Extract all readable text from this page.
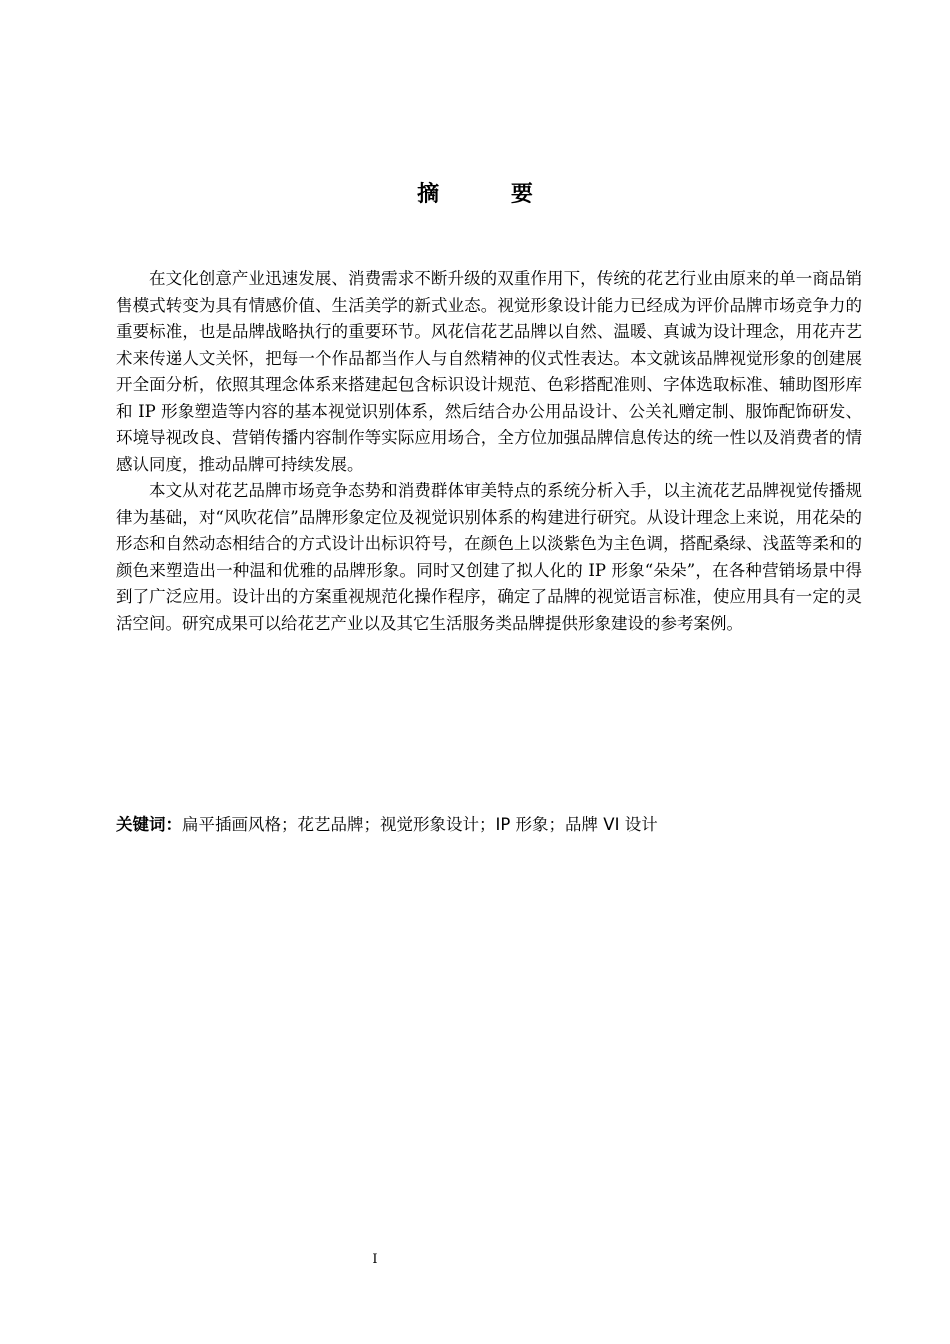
摘 要

在文化创意产业迅速发展、消费需求不断升级的双重作用下，传统的花艺行业由原来的单一商品销售模式转变为具有情感价值、生活美学的新式业态。视觉形象设计能力已经成为评价品牌市场竞争力的重要标准，也是品牌战略执行的重要环节。风花信花艺品牌以自然、温暖、真诚为设计理念，用花卉艺术来传递人文关怀，把每一个作品都当作人与自然精神的仪式性表达。本文就该品牌视觉形象的创建展开全面分析，依照其理念体系来搭建起包含标识设计规范、色彩搭配准则、字体选取标准、辅助图形库和 IP 形象塑造等内容的基本视觉识别体系，然后结合办公用品设计、公关礼赠定制、服饰配饰研发、环境导视改良、营销传播内容制作等实际应用场合，全方位加强品牌信息传达的统一性以及消费者的情感认同度，推动品牌可持续发展。

本文从对花艺品牌市场竞争态势和消费群体审美特点的系统分析入手，以主流花艺品牌视觉传播规律为基础，对“风吹花信”品牌形象定位及视觉识别体系的构建进行研究。从设计理念上来说，用花朵的形态和自然动态相结合的方式设计出标识符号，在颜色上以淡紫色为主色调，搭配桑绿、浅蓝等柔和的颜色来塑造出一种温和优雅的品牌形象。同时又创建了拟人化的 IP 形象“朵朵”，在各种营销场景中得到了广泛应用。设计出的方案重视规范化操作程序，确定了品牌的视觉语言标准，使应用具有一定的灵活空间。研究成果可以给花艺产业以及其它生活服务类品牌提供形象建设的参考案例。

关键词：扁平插画风格；花艺品牌；视觉形象设计；IP 形象；品牌 VI 设计
I
